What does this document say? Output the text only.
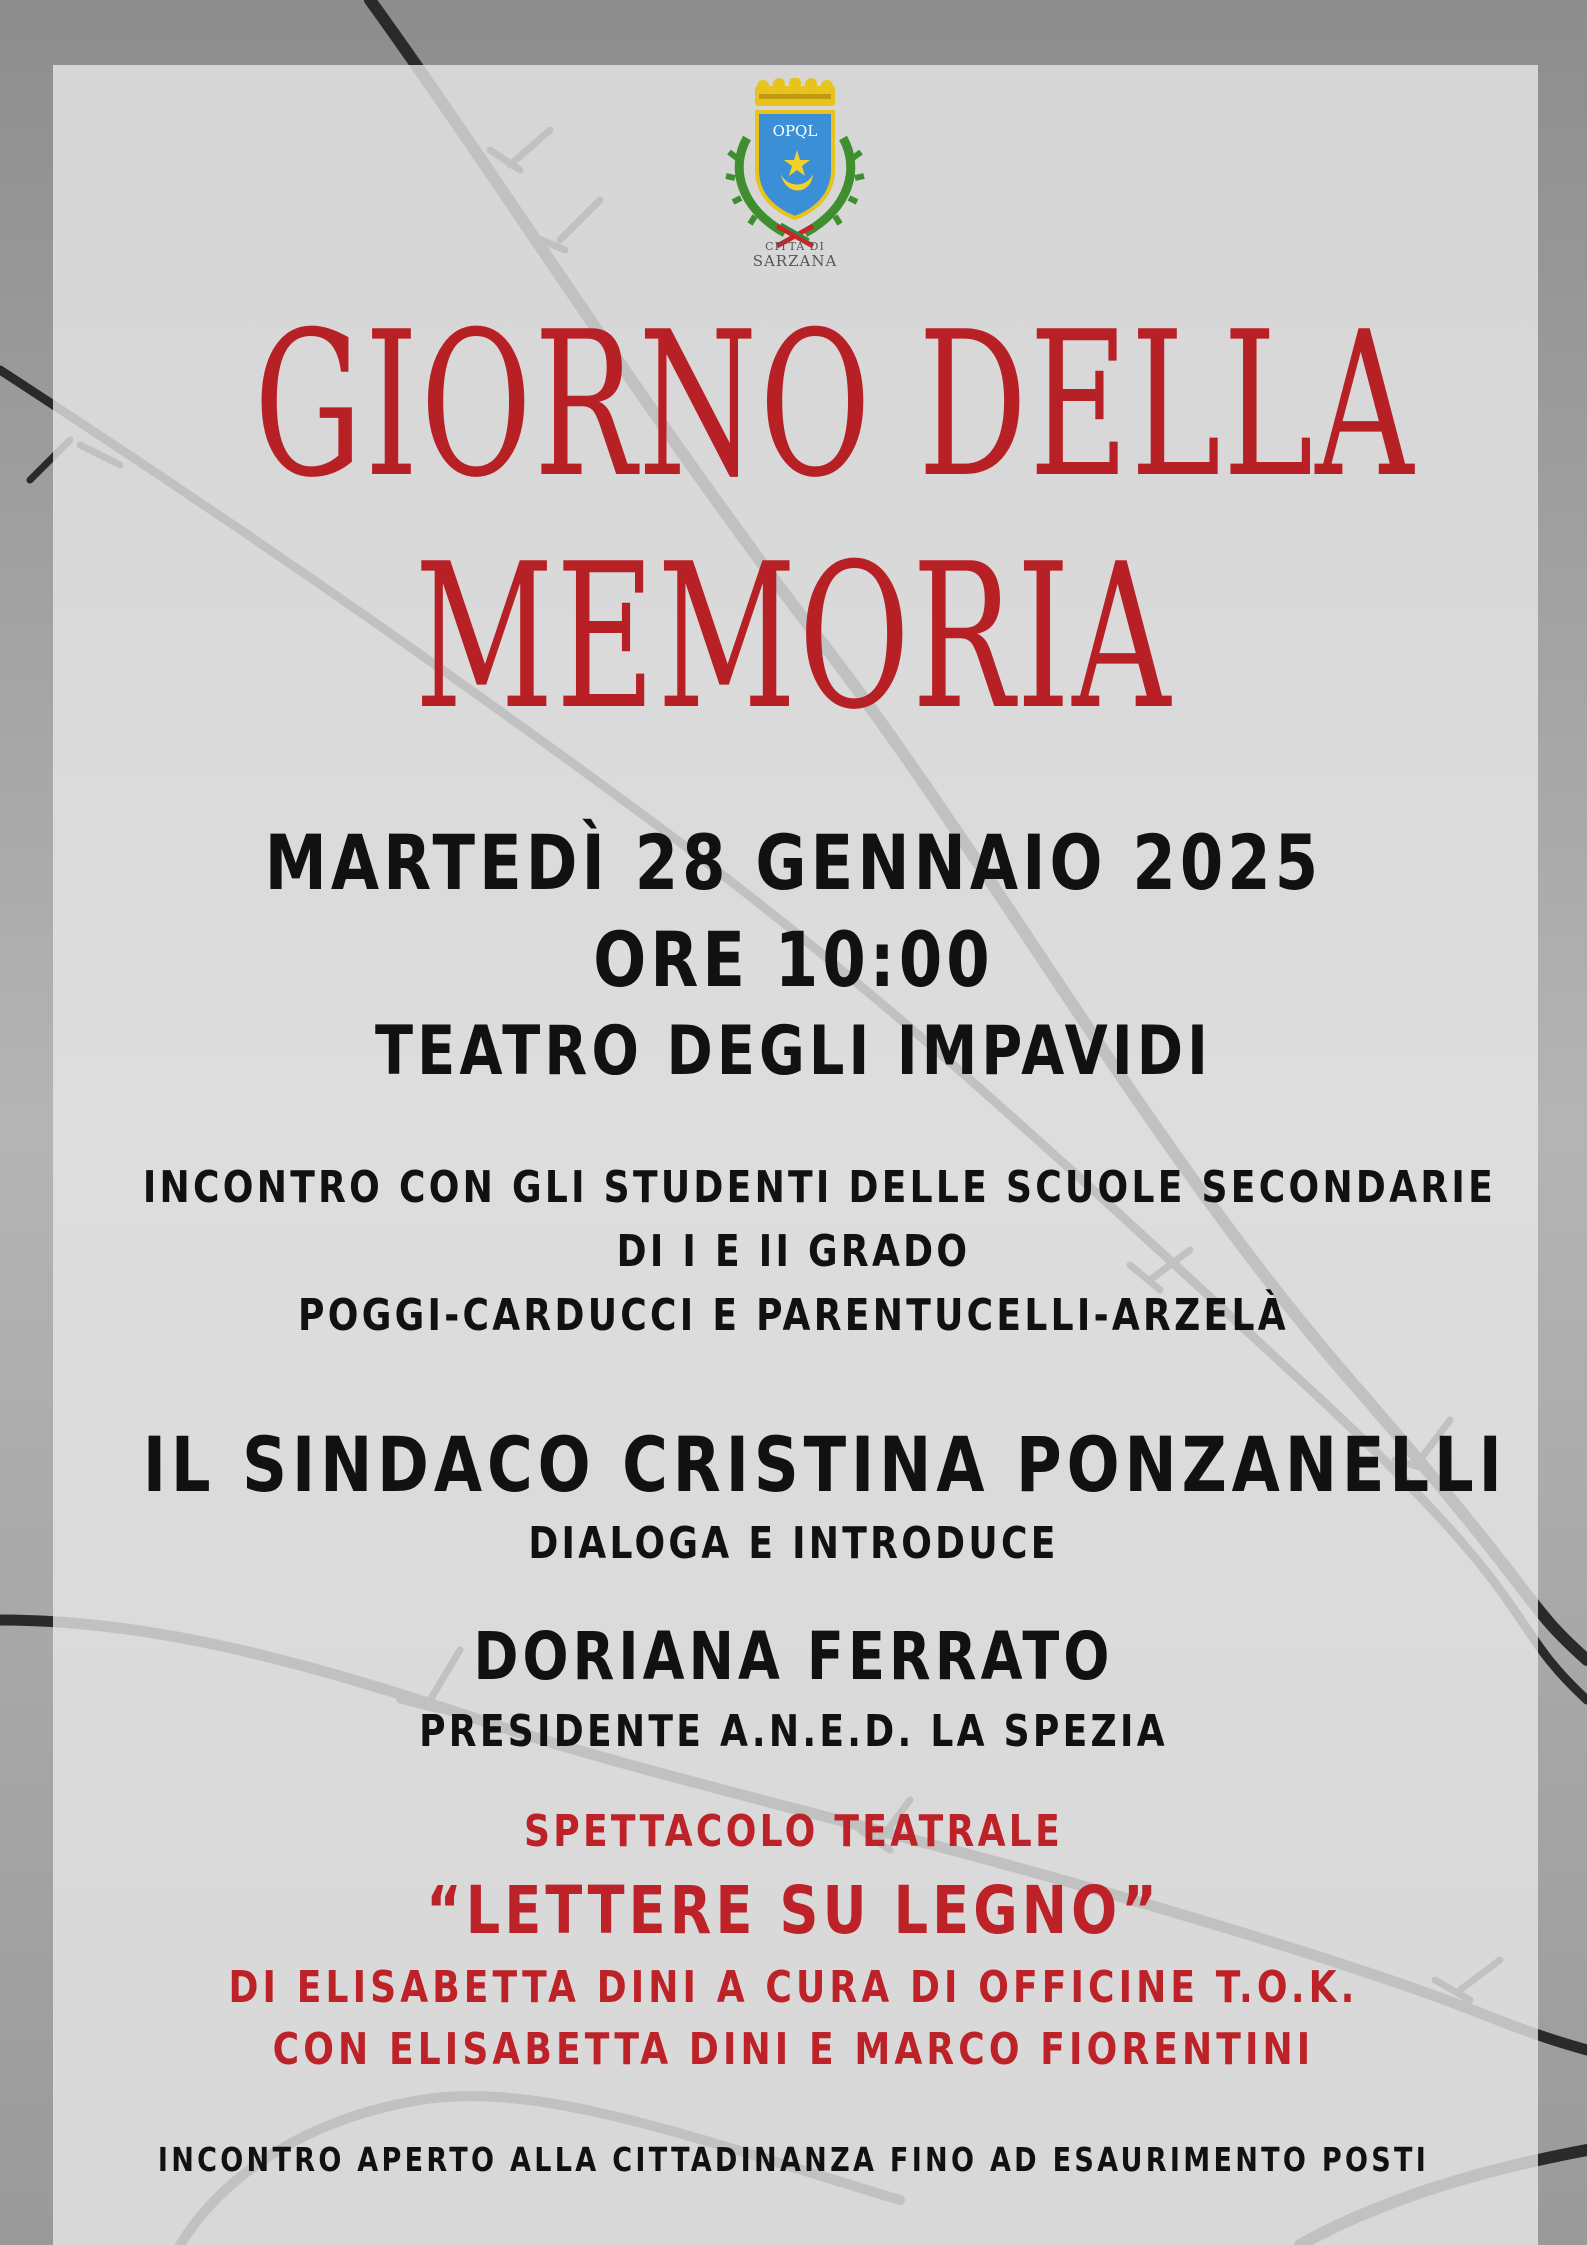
OPQL
CITTÀ DI
SARZANA
GIORNO DELLA
MEMORIA
MARTEDÌ 28 GENNAIO 2025
ORE 10:00
TEATRO DEGLI IMPAVIDI
INCONTRO CON GLI STUDENTI DELLE SCUOLE SECONDARIE
DI I E II GRADO
POGGI-CARDUCCI E PARENTUCELLI-ARZELÀ
IL SINDACO CRISTINA PONZANELLI
DIALOGA E INTRODUCE
DORIANA FERRATO
PRESIDENTE A.N.E.D. LA SPEZIA
SPETTACOLO TEATRALE
“LETTERE SU LEGNO”
DI ELISABETTA DINI A CURA DI OFFICINE T.O.K.
CON ELISABETTA DINI E MARCO FIORENTINI
INCONTRO APERTO ALLA CITTADINANZA FINO AD ESAURIMENTO POSTI
